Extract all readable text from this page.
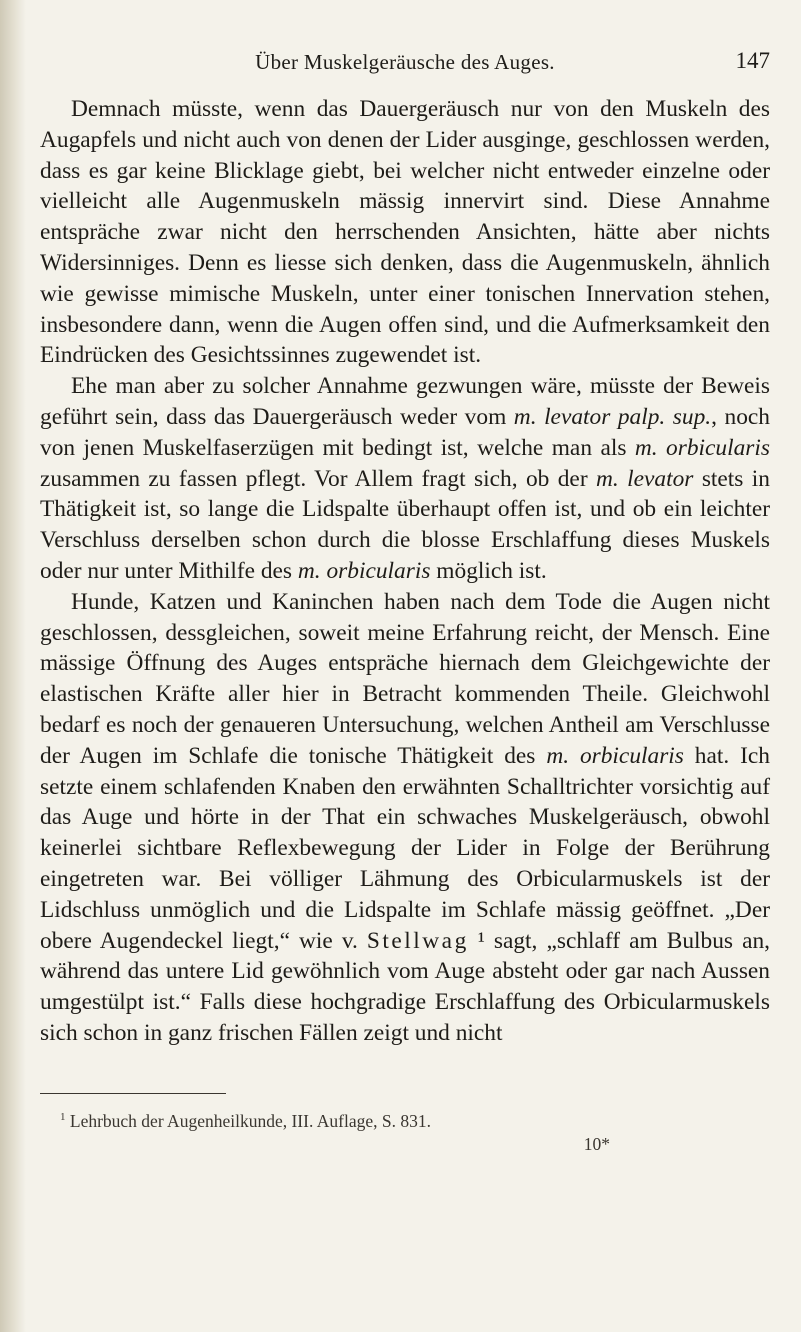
Über Muskelgeräusche des Auges.	147

Demnach müsste, wenn das Dauergeräusch nur von den Muskeln des Augapfels und nicht auch von denen der Lider ausginge, geschlossen werden, dass es gar keine Blicklage giebt, bei welcher nicht entweder einzelne oder vielleicht alle Augenmuskeln mässig innervirt sind. Diese Annahme entspräche zwar nicht den herrschenden Ansichten, hätte aber nichts Widersinniges. Denn es liesse sich denken, dass die Augenmuskeln, ähnlich wie gewisse mimische Muskeln, unter einer tonischen Innervation stehen, insbesondere dann, wenn die Augen offen sind, und die Aufmerksamkeit den Eindrücken des Gesichtssinnes zugewendet ist.

Ehe man aber zu solcher Annahme gezwungen wäre, müsste der Beweis geführt sein, dass das Dauergeräusch weder vom m. levator palp. sup., noch von jenen Muskelfaserzügen mit bedingt ist, welche man als m. orbicularis zusammen zu fassen pflegt. Vor Allem fragt sich, ob der m. levator stets in Thätigkeit ist, so lange die Lidspalte überhaupt offen ist, und ob ein leichter Verschluss derselben schon durch die blosse Erschlaffung dieses Muskels oder nur unter Mithilfe des m. orbicularis möglich ist.

Hunde, Katzen und Kaninchen haben nach dem Tode die Augen nicht geschlossen, dessgleichen, soweit meine Erfahrung reicht, der Mensch. Eine mässige Öffnung des Auges entspräche hiernach dem Gleichgewichte der elastischen Kräfte aller hier in Betracht kommenden Theile. Gleichwohl bedarf es noch der genaueren Untersuchung, welchen Antheil am Verschlusse der Augen im Schlafe die tonische Thätigkeit des m. orbicularis hat. Ich setzte einem schlafenden Knaben den erwähnten Schalltrichter vorsichtig auf das Auge und hörte in der That ein schwaches Muskelgeräusch, obwohl keinerlei sichtbare Reflexbewegung der Lider in Folge der Berührung eingetreten war. Bei völliger Lähmung des Orbicularmuskels ist der Lidschluss unmöglich und die Lidspalte im Schlafe mässig geöffnet. „Der obere Augendeckel liegt,“ wie v. Stellwag ¹ sagt, „schlaff am Bulbus an, während das untere Lid gewöhnlich vom Auge absteht oder gar nach Aussen umgestülpt ist.“ Falls diese hochgradige Erschlaffung des Orbicularmuskels sich schon in ganz frischen Fällen zeigt und nicht

$^1$ Lehrbuch der Augenheilkunde, III. Auflage, S. 831.
10*
